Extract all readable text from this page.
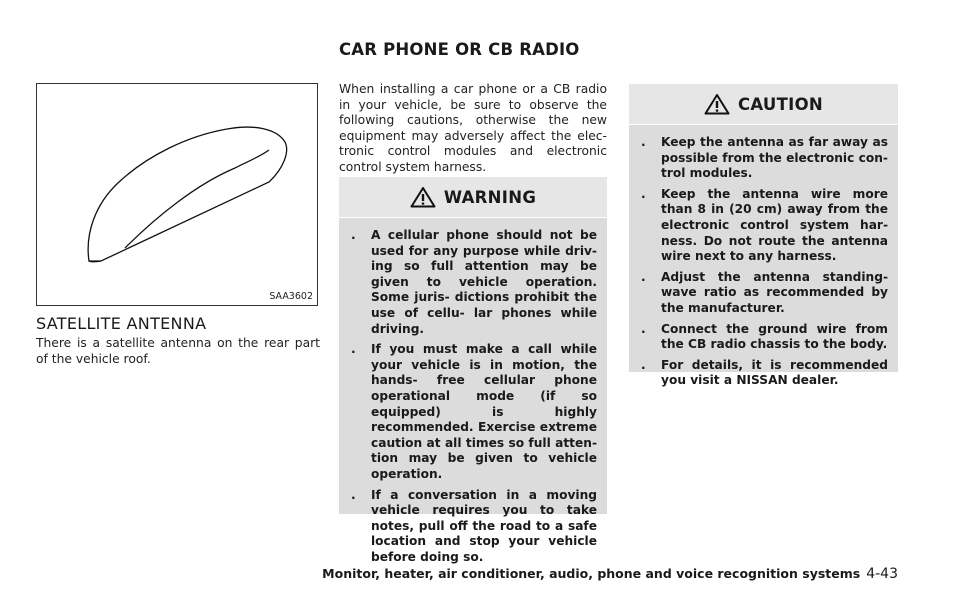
CAR PHONE OR CB RADIO
SAA3602
SATELLITE ANTENNA

There is a satellite antenna on the rear part of the vehicle roof.

When installing a car phone or a CB radio in your vehicle, be sure to observe the following cautions, otherwise the new equipment may adversely affect the elec- tronic control modules and electronic control system harness.

WARNING
. A cellular phone should not be used for any purpose while driv- ing so full attention may be given to vehicle operation. Some juris- dictions prohibit the use of cellu- lar phones while driving.
. If you must make a call while your vehicle is in motion, the hands- free cellular phone operational mode (if so equipped) is highly recommended. Exercise extreme caution at all times so full atten- tion may be given to vehicle operation.
. If a conversation in a moving vehicle requires you to take notes, pull off the road to a safe location and stop your vehicle before doing so.
CAUTION
. Keep the antenna as far away as possible from the electronic con- trol modules.
. Keep the antenna wire more than 8 in (20 cm) away from the electronic control system har- ness. Do not route the antenna wire next to any harness.
. Adjust the antenna standing- wave ratio as recommended by the manufacturer.
. Connect the ground wire from the CB radio chassis to the body.
. For details, it is recommended you visit a NISSAN dealer.
Monitor, heater, air conditioner, audio, phone and voice recognition systems 4-43
